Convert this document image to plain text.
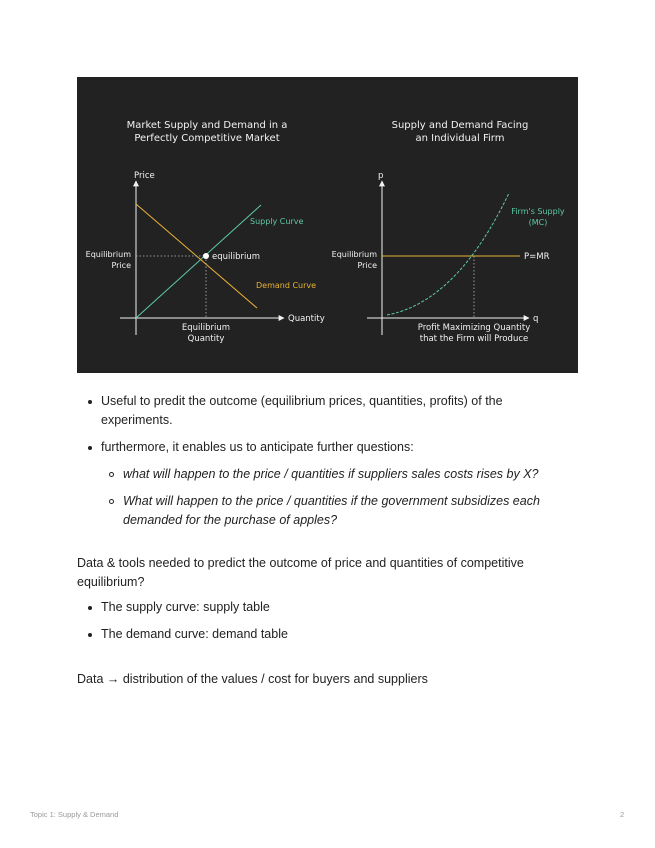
Market Supply and Demand in a
Perfectly Competitive Market
Price
Quantity
equilibrium
Supply Curve
Demand Curve
Equilibrium
Price
Equilibrium
Quantity
Supply and Demand Facing
an Individual Firm
p
q
Firm's Supply
(MC)
P=MR
Equilibrium
Price
Profit Maximizing Quantity
that the Firm will Produce
Useful to predit the outcome (equilibrium prices, quantities, profits) of the experiments.
furthermore, it enables us to anticipate further questions:
what will happen to the price / quantities if suppliers sales costs rises by X?
What will happen to the price / quantities if the government subsidizes each demanded for the purchase of apples?

Data & tools needed to predict the outcome of price and quantities of competitive equilibrium?

The supply curve: supply table
The demand curve: demand table

Data → distribution of the values / cost for buyers and suppliers

Topic 1: Supply & Demand	2
